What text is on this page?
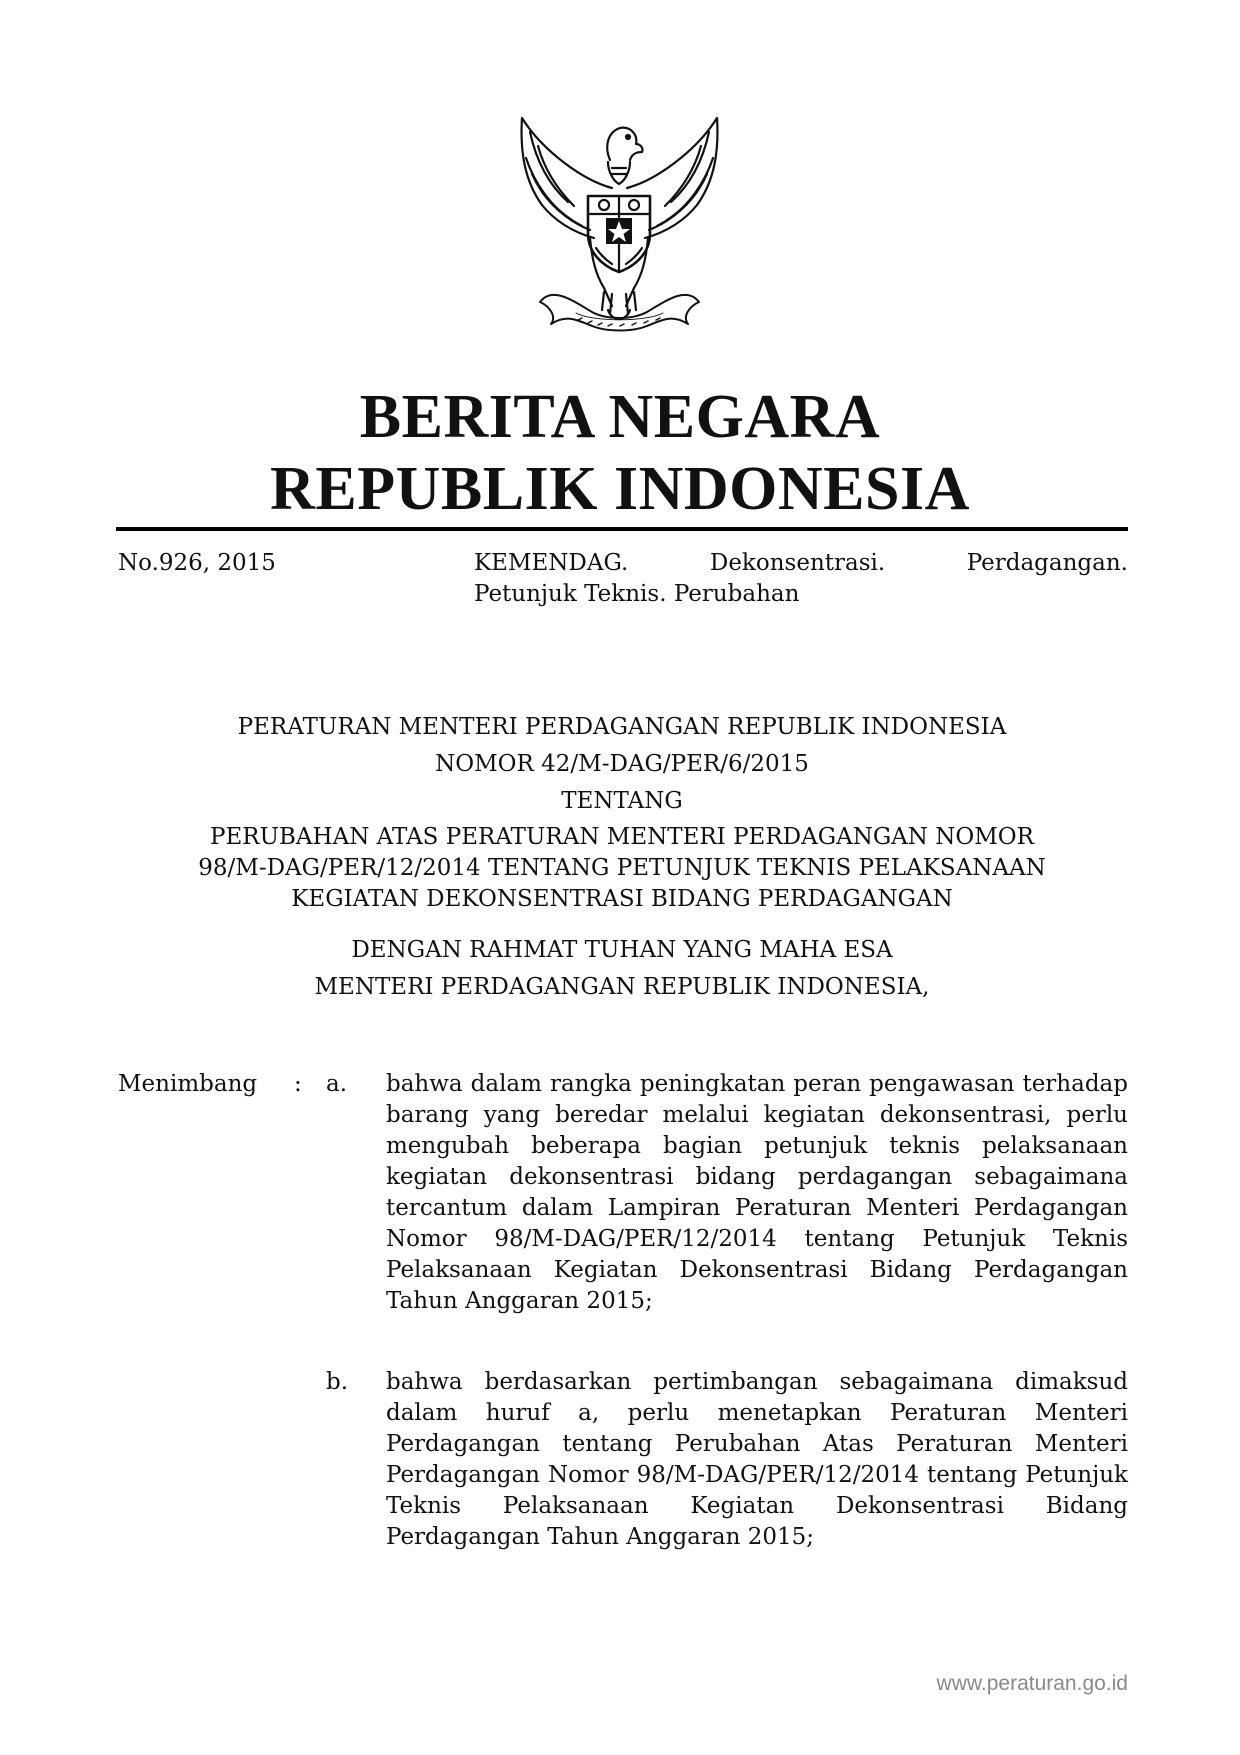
BERITA NEGARA
REPUBLIK INDONESIA
No.926, 2015	KEMENDAG.	Dekonsentrasi.	Perdagangan.
Petunjuk Teknis. Perubahan
PERATURAN MENTERI PERDAGANGAN REPUBLIK INDONESIA
NOMOR 42/M-DAG/PER/6/2015
TENTANG
PERUBAHAN ATAS PERATURAN MENTERI PERDAGANGAN NOMOR
98/M-DAG/PER/12/2014 TENTANG PETUNJUK TEKNIS PELAKSANAAN
KEGIATAN DEKONSENTRASI BIDANG PERDAGANGAN
DENGAN RAHMAT TUHAN YANG MAHA ESA
MENTERI PERDAGANGAN REPUBLIK INDONESIA,
Menimbang : a. bahwa dalam rangka peningkatan peran pengawasan terhadap barang yang beredar melalui kegiatan dekonsentrasi, perlu mengubah beberapa bagian petunjuk teknis pelaksanaan kegiatan dekonsentrasi bidang perdagangan sebagaimana tercantum dalam Lampiran Peraturan Menteri Perdagangan Nomor 98/M-DAG/PER/12/2014 tentang Petunjuk Teknis Pelaksanaan Kegiatan Dekonsentrasi Bidang Perdagangan Tahun Anggaran 2015;
b. bahwa berdasarkan pertimbangan sebagaimana dimaksud dalam huruf a, perlu menetapkan Peraturan Menteri Perdagangan tentang Perubahan Atas Peraturan Menteri Perdagangan Nomor 98/M-DAG/PER/12/2014 tentang Petunjuk Teknis Pelaksanaan Kegiatan Dekonsentrasi Bidang Perdagangan Tahun Anggaran 2015;
www.peraturan.go.id
